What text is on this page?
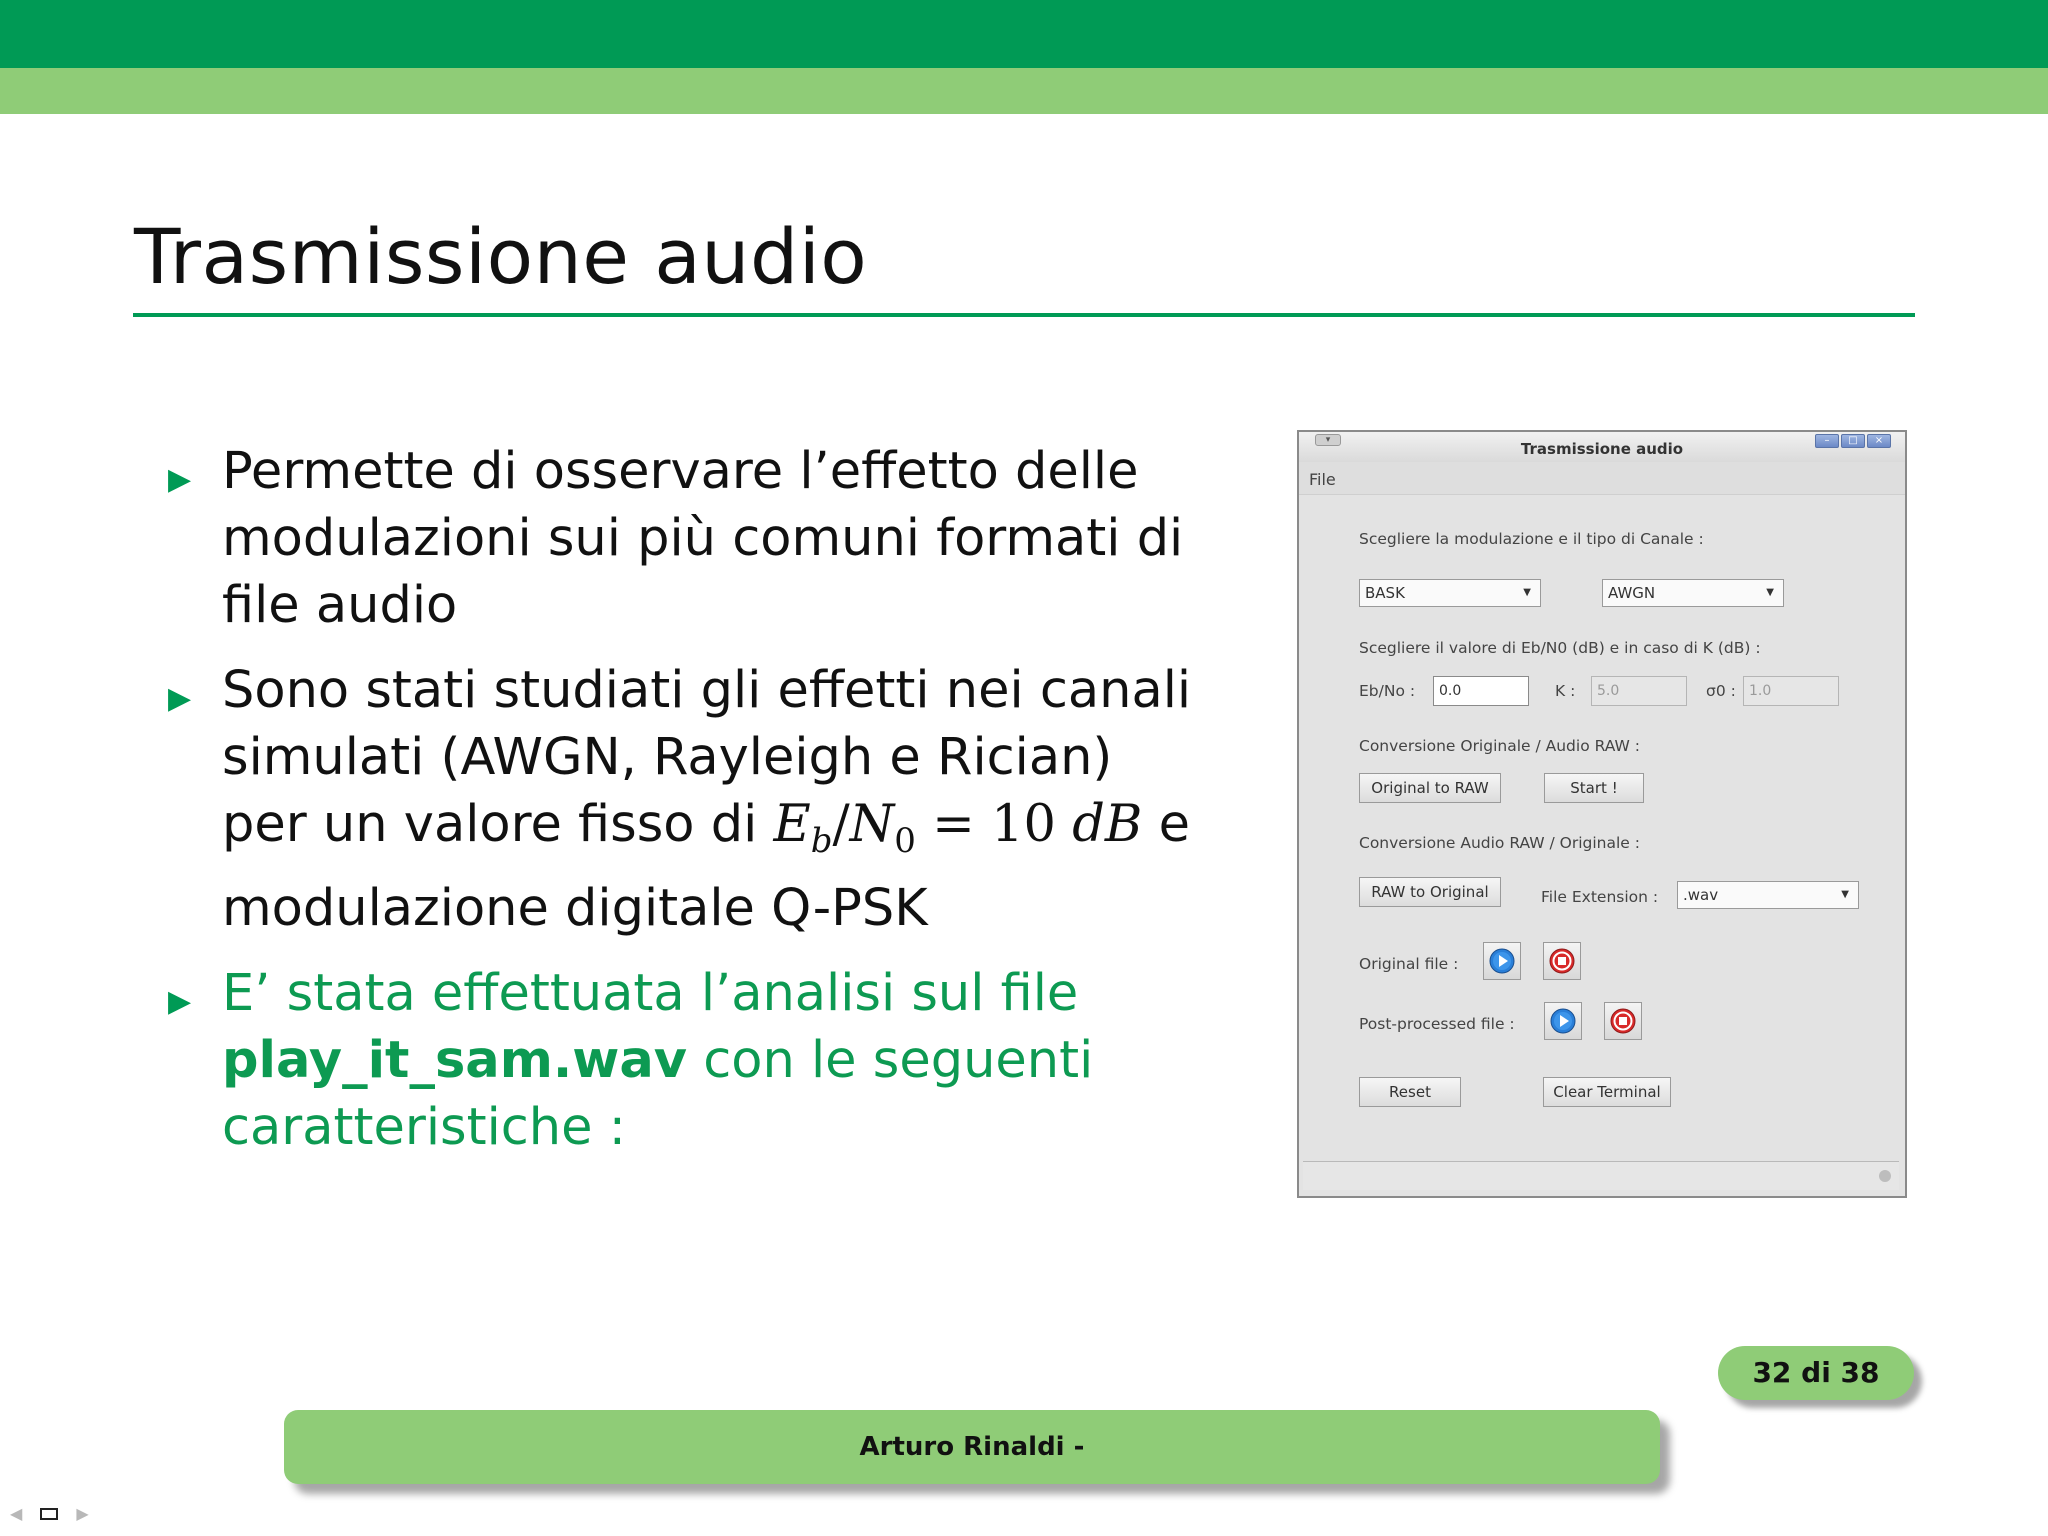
Trasmissione audio
▶ Permette di osservare l’effetto delle modulazioni sui più comuni formati di file audio
▶ Sono stati studiati gli effetti nei canali simulati (AWGN, Rayleigh e Rician) per un valore fisso di $E_b/N_0 = 10$ dB e modulazione digitale Q-PSK
▶ E’ stata effettuata l’analisi sul file play_it_sam.wav con le seguenti caratteristiche :
▾	Trasmissione audio	–	□	×
File
Scegliere la modulazione e il tipo di Canale :
BASK	▼	AWGN	▼
Scegliere il valore di Eb/N0 (dB) e in caso di K (dB) :
Eb/No :	0.0	K :	5.0	σ0 : 1.0
Conversione Originale / Audio RAW :
Original to RAW	Start !
Conversione Audio RAW / Originale :
RAW to Original	File Extension :	.wav	▼
Original file :
Post-processed file :
Reset	Clear Terminal
32 di 38
Arturo Rinaldi -
◀	▶
